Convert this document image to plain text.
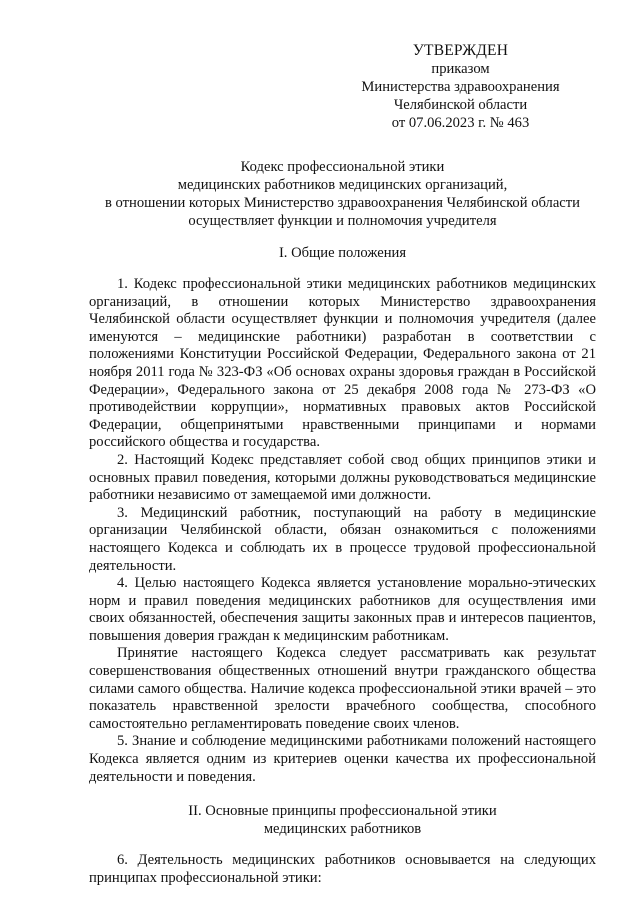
УТВЕРЖДЕН
приказом
Министерства здравоохранения
Челябинской области
от 07.06.2023 г. № 463
Кодекс профессиональной этики
медицинских работников медицинских организаций,
в отношении которых Министерство здравоохранения Челябинской области
осуществляет функции и полномочия учредителя
I. Общие положения

1. Кодекс профессиональной этики медицинских работников медицинских организаций, в отношении которых Министерство здравоохранения Челябинской области осуществляет функции и полномочия учредителя (далее именуются – медицинские работники) разработан в соответствии с положениями Конституции Российской Федерации, Федерального закона от 21 ноября 2011 года № 323-ФЗ «Об основах охраны здоровья граждан в Российской Федерации», Федерального закона от 25 декабря 2008 года № 273-ФЗ «О противодействии коррупции», нормативных правовых актов Российской Федерации, общепринятыми нравственными принципами и нормами российского общества и государства.

2. Настоящий Кодекс представляет собой свод общих принципов этики и основных правил поведения, которыми должны руководствоваться медицинские работники независимо от замещаемой ими должности.

3. Медицинский работник, поступающий на работу в медицинские организации Челябинской области, обязан ознакомиться с положениями настоящего Кодекса и соблюдать их в процессе трудовой профессиональной деятельности.

4. Целью настоящего Кодекса является установление морально-этических норм и правил поведения медицинских работников для осуществления ими своих обязанностей, обеспечения защиты законных прав и интересов пациентов, повышения доверия граждан к медицинским работникам.

Принятие настоящего Кодекса следует рассматривать как результат совершенствования общественных отношений внутри гражданского общества силами самого общества. Наличие кодекса профессиональной этики врачей – это показатель нравственной зрелости врачебного сообщества, способного самостоятельно регламентировать поведение своих членов.

5. Знание и соблюдение медицинскими работниками положений настоящего Кодекса является одним из критериев оценки качества их профессиональной деятельности и поведения.

II. Основные принципы профессиональной этики
медицинских работников

6. Деятельность медицинских работников основывается на следующих принципах профессиональной этики:
